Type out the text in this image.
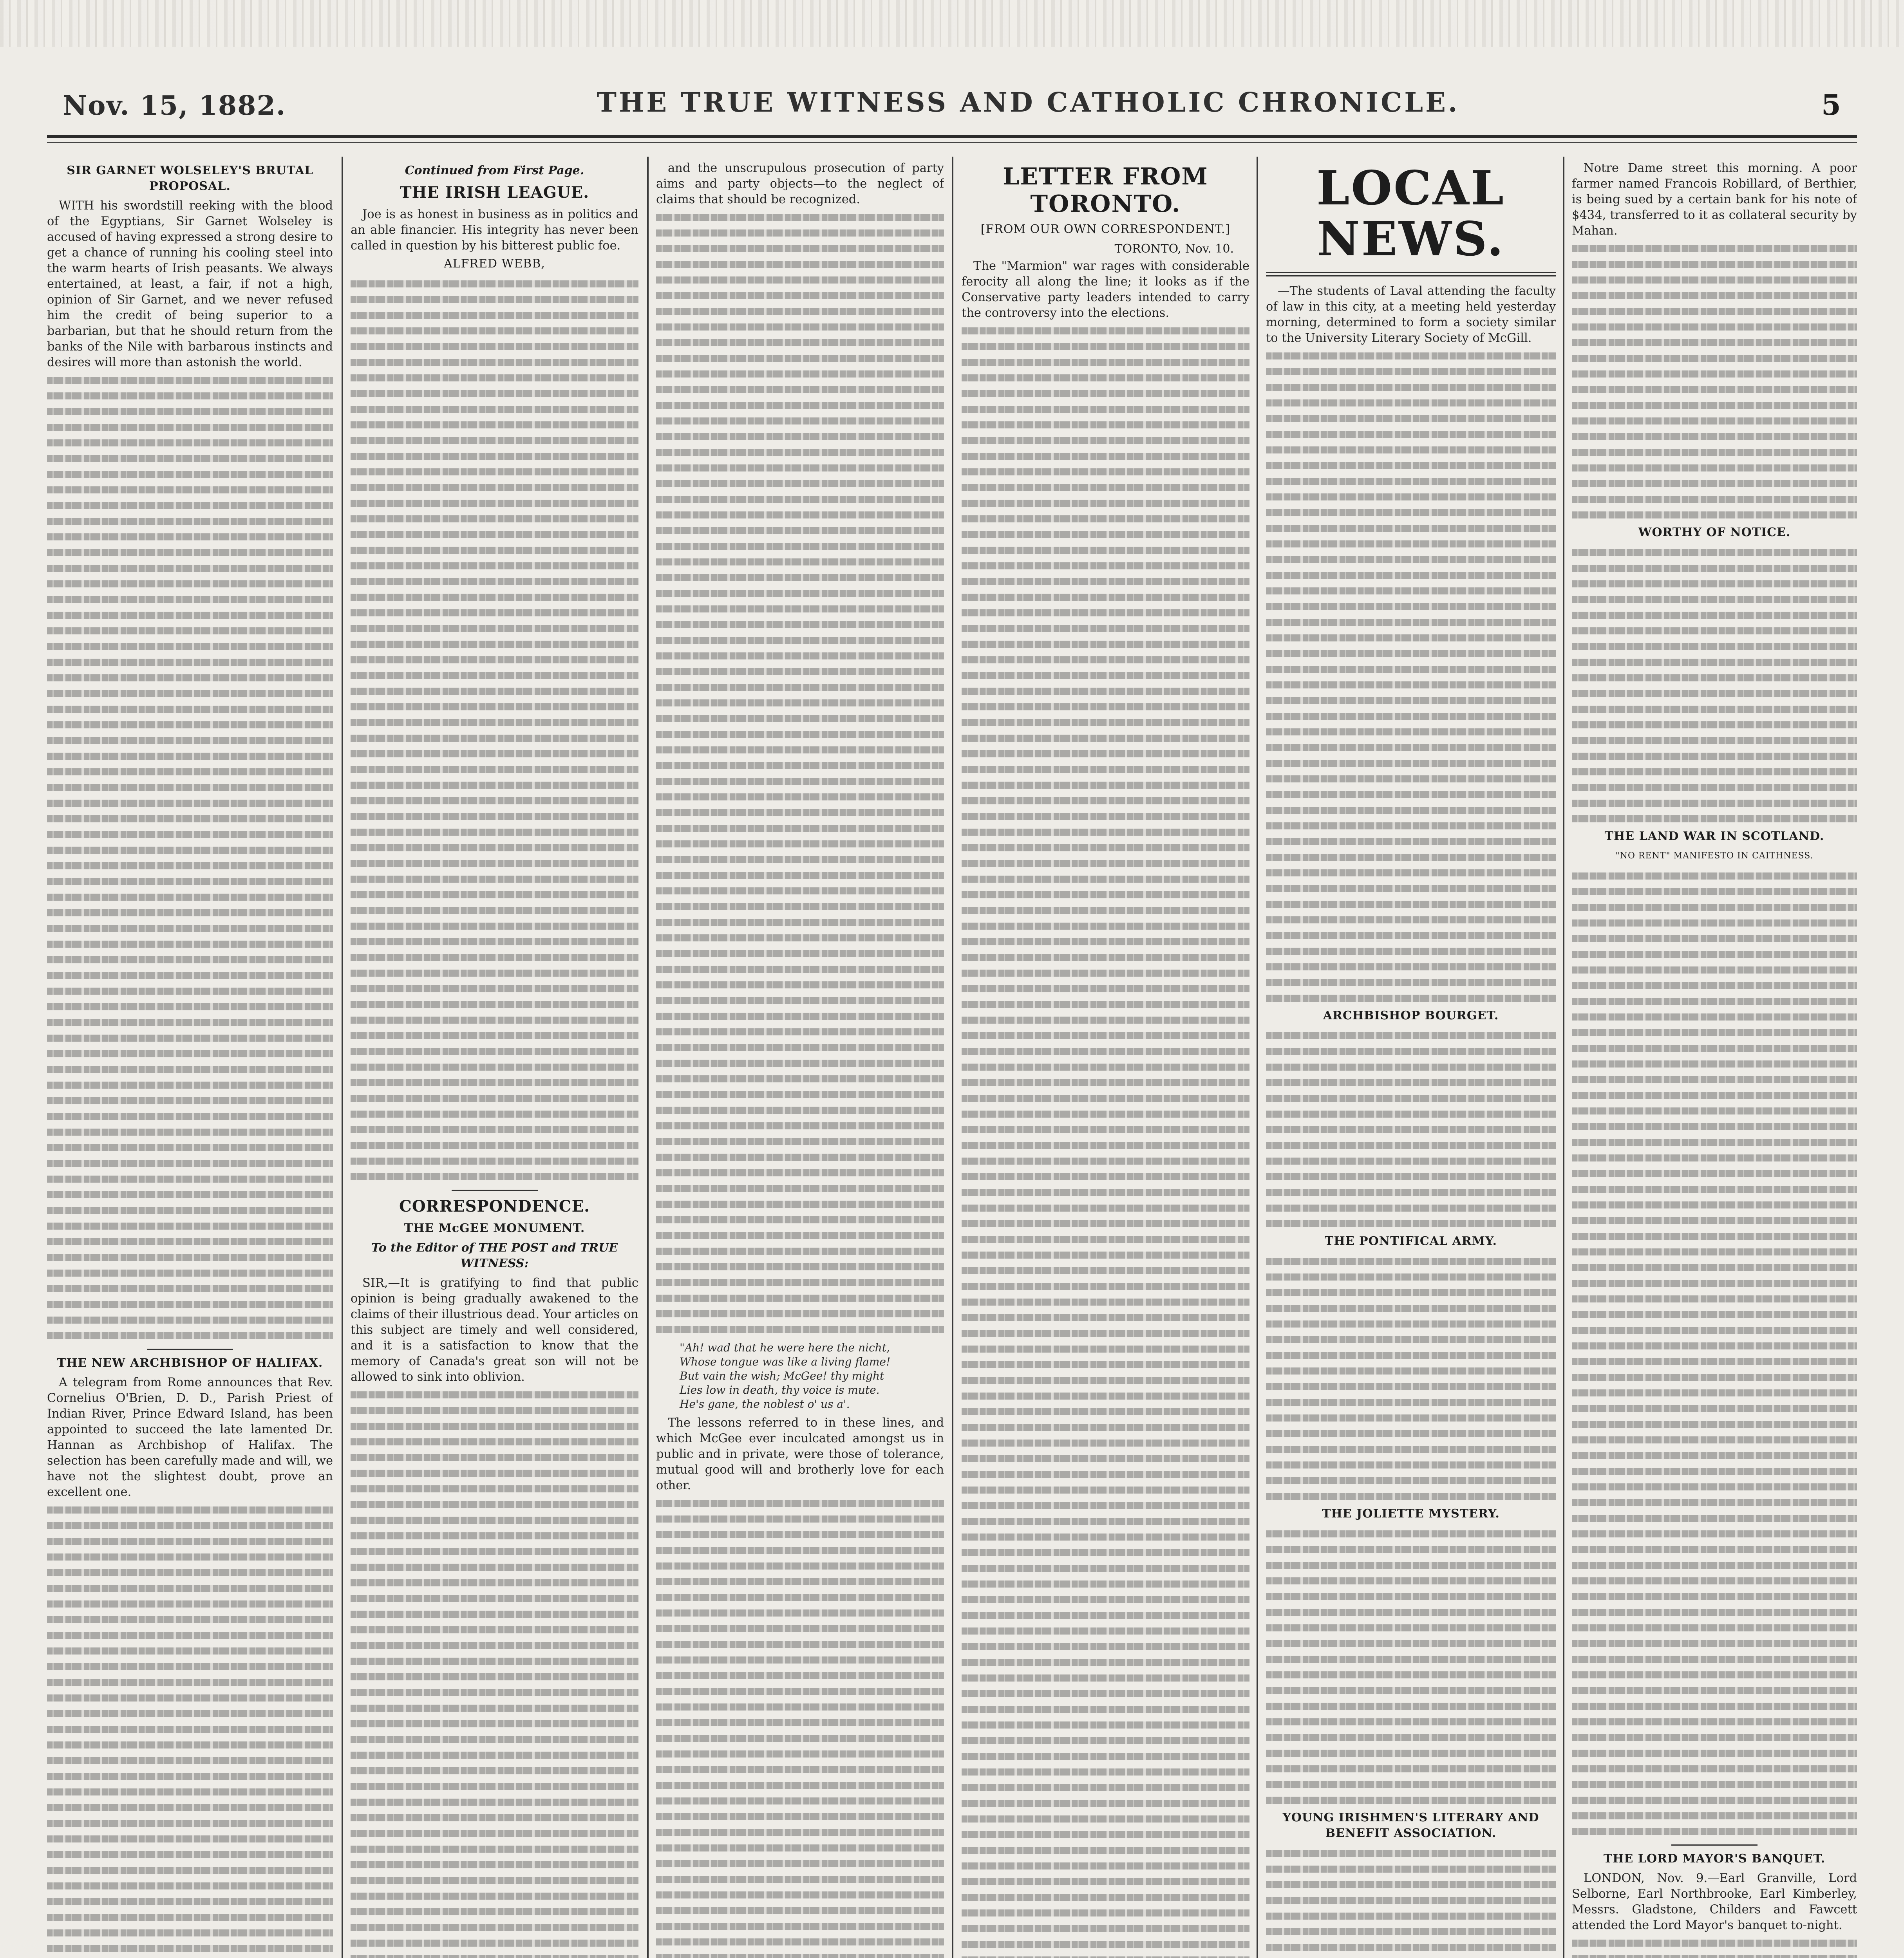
Nov. 15, 1882.	THE TRUE WITNESS AND CATHOLIC CHRONICLE.	5
SIR GARNET WOLSELEY'S BRUTAL PROPOSAL.

WITH his swordstill reeking with the blood of the Egyptians, Sir Garnet Wolseley is accused of having expressed a strong desire to get a chance of running his cooling steel into the warm hearts of Irish peasants. We always entertained, at least, a fair, if not a high, opinion of Sir Garnet, and we never refused him the credit of being superior to a barbarian, but that he should return from the banks of the Nile with barbarous instincts and desires will more than astonish the world.

THE NEW ARCHBISHOP OF HALIFAX.

A telegram from Rome announces that Rev. Cornelius O'Brien, D. D., Parish Priest of Indian River, Prince Edward Island, has been appointed to succeed the late lamented Dr. Hannan as Archbishop of Halifax. The selection has been carefully made and will, we have not the slightest doubt, prove an excellent one.

Continued from First Page.
THE IRISH LEAGUE.

Joe is as honest in business as in politics and an able financier. His integrity has never been called in question by his bitterest public foe.

ALFRED WEBB,
CORRESPONDENCE.
THE McGEE MONUMENT.
To the Editor of THE POST and TRUE WITNESS:

SIR,—It is gratifying to find that public opinion is being gradually awakened to the claims of their illustrious dead. Your articles on this subject are timely and well considered, and it is a satisfaction to know that the memory of Canada's great son will not be allowed to sink into oblivion.

and the unscrupulous prosecution of party aims and party objects—to the neglect of claims that should be recognized.

"Ah! wad that he were here the nicht,
Whose tongue was like a living flame!
But vain the wish; McGee! thy might
Lies low in death, thy voice is mute.
He's gane, the noblest o' us a'.

The lessons referred to in these lines, and which McGee ever inculcated amongst us in public and in private, were those of tolerance, mutual good will and brotherly love for each other.

LETTER FROM TORONTO.
[FROM OUR OWN CORRESPONDENT.]
TORONTO, Nov. 10.

The "Marmion" war rages with considerable ferocity all along the line; it looks as if the Conservative party leaders intended to carry the controversy into the elections.

LOCAL NEWS.

—The students of Laval attending the faculty of law in this city, at a meeting held yesterday morning, determined to form a society similar to the University Literary Society of McGill.

ARCHBISHOP BOURGET.
THE PONTIFICAL ARMY.
THE JOLIETTE MYSTERY.
YOUNG IRISHMEN'S LITERARY AND BENEFIT ASSOCIATION.

Notre Dame street this morning. A poor farmer named Francois Robillard, of Berthier, is being sued by a certain bank for his note of $434, transferred to it as collateral security by Mahan.

WORTHY OF NOTICE.
THE LAND WAR IN SCOTLAND.
"NO RENT" MANIFESTO IN CAITHNESS.
THE LORD MAYOR'S BANQUET.

LONDON, Nov. 9.—Earl Granville, Lord Selborne, Earl Northbrooke, Earl Kimberley, Messrs. Gladstone, Childers and Fawcett attended the Lord Mayor's banquet to-night.
